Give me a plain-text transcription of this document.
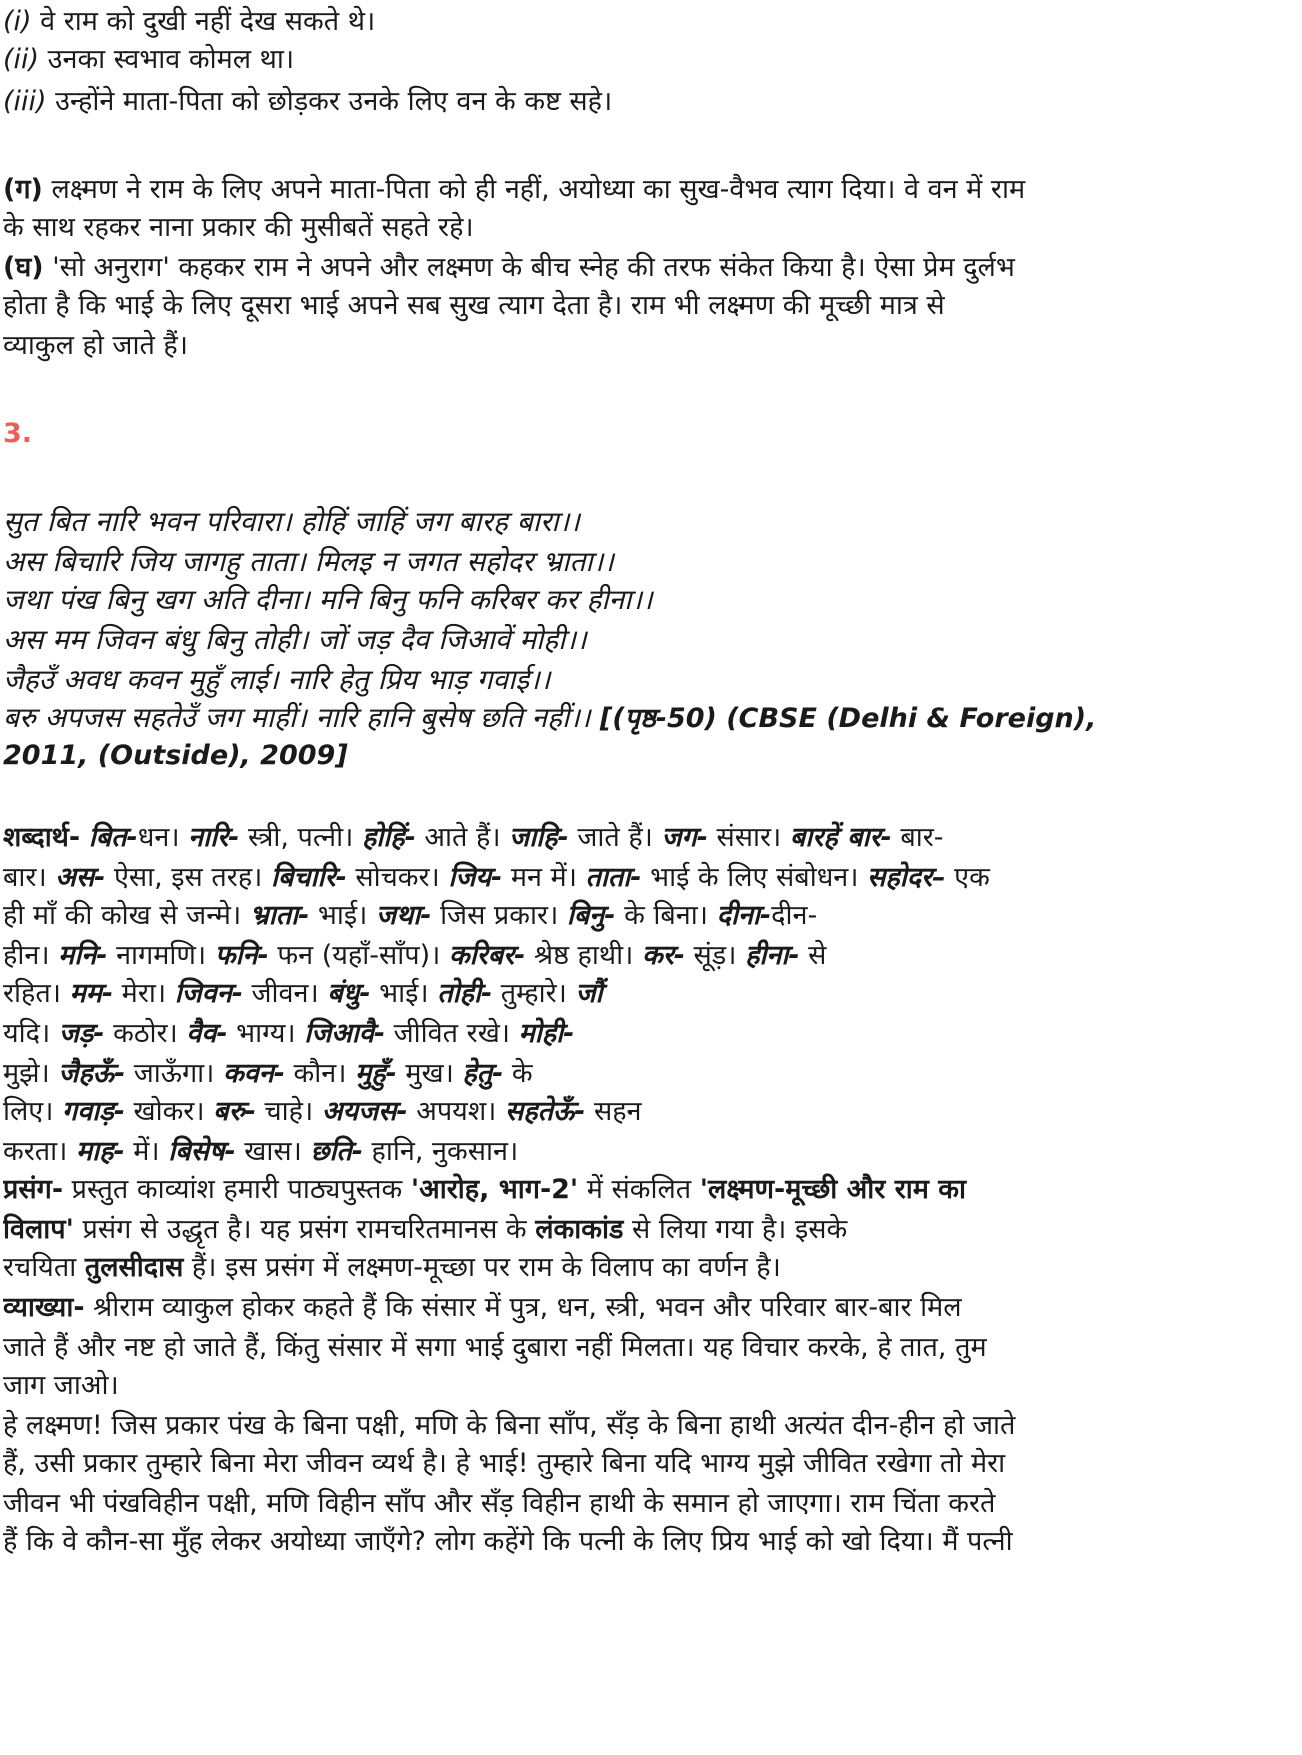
(i) वे राम को दुखी नहीं देख सकते थे।
(ii) उनका स्वभाव कोमल था।
(iii) उन्होंने माता-पिता को छोड़कर उनके लिए वन के कष्ट सहे।
(ग) लक्ष्मण ने राम के लिए अपने माता-पिता को ही नहीं, अयोध्या का सुख-वैभव त्याग दिया। वे वन में राम
के साथ रहकर नाना प्रकार की मुसीबतें सहते रहे।
(घ) 'सो अनुराग' कहकर राम ने अपने और लक्ष्मण के बीच स्नेह की तरफ संकेत किया है। ऐसा प्रेम दुर्लभ
होता है कि भाई के लिए दूसरा भाई अपने सब सुख त्याग देता है। राम भी लक्ष्मण की मूच्छी मात्र से
व्याकुल हो जाते हैं।
3.
सुत बित नारि भवन परिवारा। होहिं जाहिं जग बारह बारा।।
अस बिचारि जिय जागहु ताता। मिलइ न जगत सहोदर भ्राता।।
जथा पंख बिनु खग अति दीना। मनि बिनु फनि करिबर कर हीना।।
अस मम जिवन बंधु बिनु तोही। जों जड़ दैव जिआवें मोही।।
जैहउँ अवध कवन मुहुँ लाई। नारि हेतु प्रिय भाड़ गवाई।।
बरु अपजस सहतेउँ जग माहीं। नारि हानि बुसेष छति नहीं।। [(पृष्ठ-50) (CBSE (Delhi & Foreign),
2011, (Outside), 2009]
शब्दार्थ- बित-धन। नारि- स्त्री, पत्नी। होहिं- आते हैं। जाहि- जाते हैं। जग- संसार। बारहें बार- बार-
बार। अस- ऐसा, इस तरह। बिचारि- सोचकर। जिय- मन में। ताता- भाई के लिए संबोधन। सहोदर– एक
ही माँ की कोख से जन्मे। भ्राता- भाई। जथा- जिस प्रकार। बिनु- के बिना। दीना-दीन-
हीन। मनि- नागमणि। फनि- फन (यहाँ-साँप)। करिबर- श्रेष्ठ हाथी। कर- सूंड़। हीना- से
रहित। मम- मेरा। जिवन- जीवन। बंधु- भाई। तोही- तुम्हारे। जौं
यदि। जड़- कठोर। वैव- भाग्य। जिआवै- जीवित रखे। मोही-
मुझे। जैहऊँ- जाऊँगा। कवन- कौन। मुहुँ- मुख। हेतु- के
लिए। गवाड़- खोकर। बरु- चाहे। अयजस- अपयश। सहतेऊँ- सहन
करता। माह- में। बिसेष- खास। छति- हानि, नुकसान।
प्रसंग- प्रस्तुत काव्यांश हमारी पाठ्यपुस्तक 'आरोह, भाग-2' में संकलित 'लक्ष्मण-मूच्छी और राम का
विलाप' प्रसंग से उद्धृत है। यह प्रसंग रामचरितमानस के लंकाकांड से लिया गया है। इसके
रचयिता तुलसीदास हैं। इस प्रसंग में लक्ष्मण-मूच्छा पर राम के विलाप का वर्णन है।
व्याख्या- श्रीराम व्याकुल होकर कहते हैं कि संसार में पुत्र, धन, स्त्री, भवन और परिवार बार-बार मिल
जाते हैं और नष्ट हो जाते हैं, किंतु संसार में सगा भाई दुबारा नहीं मिलता। यह विचार करके, हे तात, तुम
जाग जाओ।
हे लक्ष्मण! जिस प्रकार पंख के बिना पक्षी, मणि के बिना साँप, सँड़ के बिना हाथी अत्यंत दीन-हीन हो जाते
हैं, उसी प्रकार तुम्हारे बिना मेरा जीवन व्यर्थ है। हे भाई! तुम्हारे बिना यदि भाग्य मुझे जीवित रखेगा तो मेरा
जीवन भी पंखविहीन पक्षी, मणि विहीन साँप और सँड़ विहीन हाथी के समान हो जाएगा। राम चिंता करते
हैं कि वे कौन-सा मुँह लेकर अयोध्या जाएँगे? लोग कहेंगे कि पत्नी के लिए प्रिय भाई को खो दिया। मैं पत्नी
